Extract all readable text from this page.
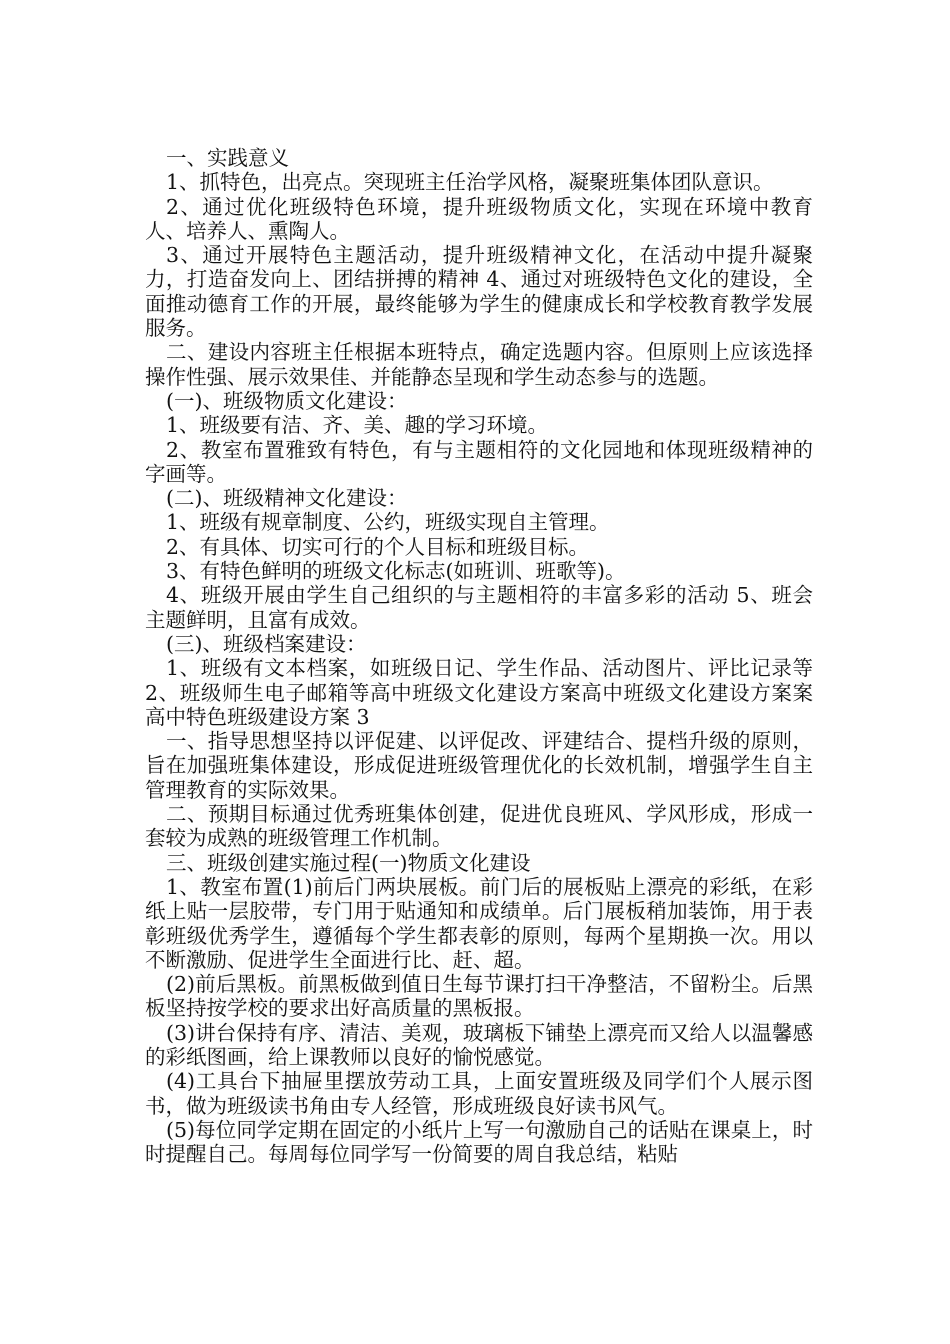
一、实践意义

1、抓特色，出亮点。突现班主任治学风格，凝聚班集体团队意识。

2、通过优化班级特色环境，提升班级物质文化，实现在环境中教育人、培养人、熏陶人。

3、通过开展特色主题活动，提升班级精神文化，在活动中提升凝聚力，打造奋发向上、团结拼搏的精神 4、通过对班级特色文化的建设，全面推动德育工作的开展，最终能够为学生的健康成长和学校教育教学发展服务。

二、建设内容班主任根据本班特点，确定选题内容。但原则上应该选择操作性强、展示效果佳、并能静态呈现和学生动态参与的选题。

(一)、班级物质文化建设：

1、班级要有洁、齐、美、趣的学习环境。

2、教室布置雅致有特色，有与主题相符的文化园地和体现班级精神的字画等。

(二)、班级精神文化建设：

1、班级有规章制度、公约，班级实现自主管理。

2、有具体、切实可行的个人目标和班级目标。

3、有特色鲜明的班级文化标志(如班训、班歌等)。

4、班级开展由学生自己组织的与主题相符的丰富多彩的活动 5、班会主题鲜明，且富有成效。

(三)、班级档案建设：

1、班级有文本档案，如班级日记、学生作品、活动图片、评比记录等 2、班级师生电子邮箱等高中班级文化建设方案高中班级文化建设方案案高中特色班级建设方案 3

一、指导思想坚持以评促建、以评促改、评建结合、提档升级的原则，旨在加强班集体建设，形成促进班级管理优化的长效机制，增强学生自主管理教育的实际效果。

二、预期目标通过优秀班集体创建，促进优良班风、学风形成，形成一套较为成熟的班级管理工作机制。

三、班级创建实施过程(一)物质文化建设

1、教室布置(1)前后门两块展板。前门后的展板贴上漂亮的彩纸，在彩纸上贴一层胶带，专门用于贴通知和成绩单。后门展板稍加装饰，用于表彰班级优秀学生，遵循每个学生都表彰的原则，每两个星期换一次。用以不断激励、促进学生全面进行比、赶、超。

(2)前后黑板。前黑板做到值日生每节课打扫干净整洁，不留粉尘。后黑板坚持按学校的要求出好高质量的黑板报。

(3)讲台保持有序、清洁、美观，玻璃板下铺垫上漂亮而又给人以温馨感的彩纸图画，给上课教师以良好的愉悦感觉。

(4)工具台下抽屉里摆放劳动工具，上面安置班级及同学们个人展示图书，做为班级读书角由专人经管，形成班级良好读书风气。

(5)每位同学定期在固定的小纸片上写一句激励自己的话贴在课桌上，时时提醒自己。每周每位同学写一份简要的周自我总结，粘贴
